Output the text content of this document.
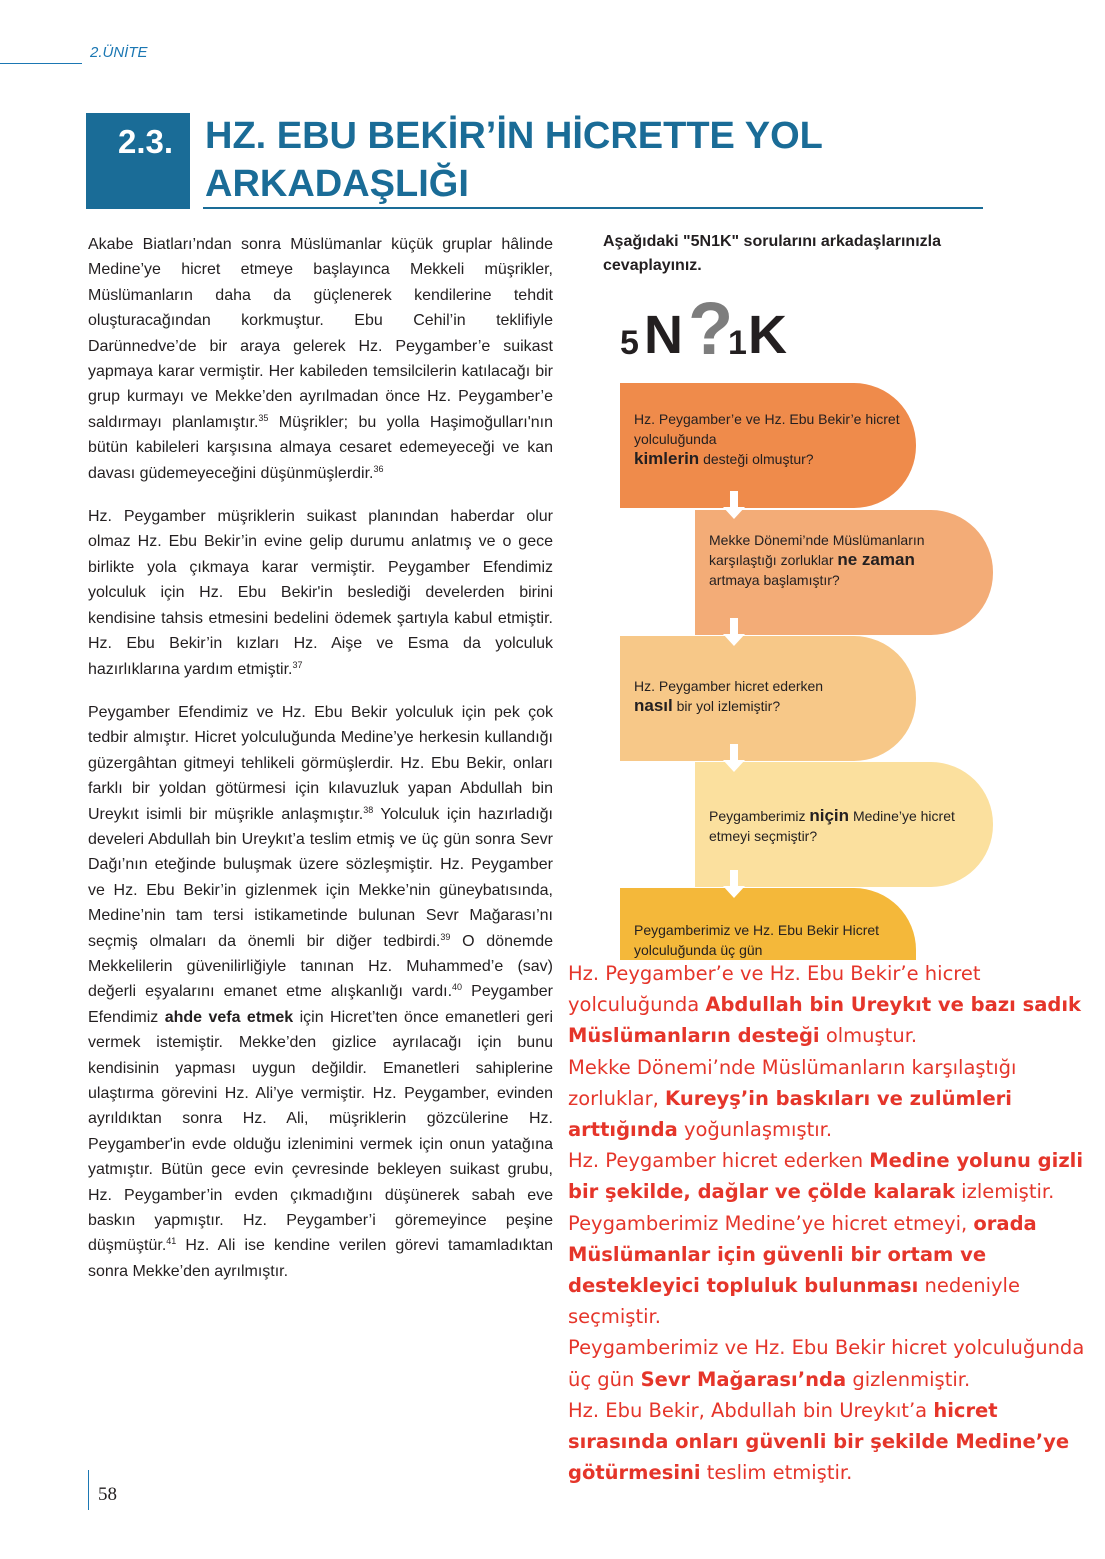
2.ÜNİTE
2.3. HZ. EBU BEKİR’İN HİCRETTE YOL
ARKADAŞLIĞI

Akabe Biatları’ndan sonra Müslümanlar küçük gruplar hâlinde Medine’ye hicret etmeye başlayınca Mekkeli müşrikler, Müslümanların daha da güçlenerek kendilerine tehdit oluşturacağından korkmuştur. Ebu Cehil’in teklifiyle Darünnedve’de bir araya gelerek Hz. Peygamber’e suikast yapmaya karar vermiştir. Her kabileden temsilcilerin katılacağı bir grup kurmayı ve Mekke’den ayrılmadan önce Hz. Peygamber’e saldırmayı planlamıştır.$^{35}$ Müşrikler; bu yolla Haşimoğulları'nın bütün kabileleri karşısına almaya cesaret edemeyeceği ve kan davası güdemeyeceğini düşünmüşlerdir.$^{36}$

Hz. Peygamber müşriklerin suikast planından haberdar olur olmaz Hz. Ebu Bekir’in evine gelip durumu anlatmış ve o gece birlikte yola çıkmaya karar vermiştir. Peygamber Efendimiz yolculuk için Hz. Ebu Bekir'in beslediği develerden birini kendisine tahsis etmesini bedelini ödemek şartıyla kabul etmiştir. Hz. Ebu Bekir’in kızları Hz. Aişe ve Esma da yolculuk hazırlıklarına yardım etmiştir.$^{37}$

Peygamber Efendimiz ve Hz. Ebu Bekir yolculuk için pek çok tedbir almıştır. Hicret yolculuğunda Medine’ye herkesin kullandığı güzergâhtan gitmeyi tehlikeli görmüşlerdir. Hz. Ebu Bekir, onları farklı bir yoldan götürmesi için kılavuzluk yapan Abdullah bin Ureykıt isimli bir müşrikle anlaşmıştır.$^{38}$ Yolculuk için hazırladığı develeri Abdullah bin Ureykıt’a teslim etmiş ve üç gün sonra Sevr Dağı’nın eteğinde buluşmak üzere sözleşmiştir. Hz. Peygamber ve Hz. Ebu Bekir’in gizlenmek için Mekke’nin güneybatısında, Medine’nin tam tersi istikametinde bulunan Sevr Mağarası’nı seçmiş olmaları da önemli bir diğer tedbirdi.$^{39}$ O dönemde Mekkelilerin güvenilirliğiyle tanınan Hz. Muhammed’e (sav) değerli eşyalarını emanet etme alışkanlığı vardı.$^{40}$ Peygamber Efendimiz ahde vefa etmek için Hicret’ten önce emanetleri geri vermek istemiştir. Mekke’den gizlice ayrılacağı için bunu kendisinin yapması uygun değildir. Emanetleri sahiplerine ulaştırma görevini Hz. Ali’ye vermiştir. Hz. Peygamber, evinden ayrıldıktan sonra Hz. Ali, müşriklerin gözcülerine Hz. Peygamber'in evde olduğu izlenimini vermek için onun yatağına yatmıştır. Bütün gece evin çevresinde bekleyen suikast grubu, Hz. Peygamber’in evden çıkmadığını düşünerek sabah eve baskın yapmıştır. Hz. Peygamber’i göremeyince peşine düşmüştür.$^{41}$ Hz. Ali ise kendine verilen görevi tamamladıktan sonra Mekke’den ayrılmıştır.

58
Aşağıdaki "5N1K" sorularını arkadaşlarınızla cevaplayınız.
5 N ?
1 K
Hz. Peygamber’e ve Hz. Ebu Bekir’e hicret yolculuğunda
kimlerin desteği olmuştur?
Mekke Dönemi’nde Müslümanların karşılaştığı zorluklar ne zaman
artmaya başlamıştır?
Hz. Peygamber hicret ederken
nasıl bir yol izlemiştir?
Peygamberimiz niçin Medine’ye hicret etmeyi seçmiştir?
Peygamberimiz ve Hz. Ebu Bekir Hicret yolculuğunda üç gün
Hz. Peygamber’e ve Hz. Ebu Bekir’e hicret yolculuğunda Abdullah bin Ureykıt ve bazı sadık Müslümanların desteği olmuştur.
Mekke Dönemi’nde Müslümanların karşılaştığı zorluklar, Kureyş’in baskıları ve zulümleri arttığında yoğunlaşmıştır.
Hz. Peygamber hicret ederken Medine yolunu gizli bir şekilde, dağlar ve çölde kalarak izlemiştir.
Peygamberimiz Medine’ye hicret etmeyi, orada Müslümanlar için güvenli bir ortam ve destekleyici topluluk bulunması nedeniyle seçmiştir.
Peygamberimiz ve Hz. Ebu Bekir hicret yolculuğunda üç gün Sevr Mağarası’nda gizlenmiştir.
Hz. Ebu Bekir, Abdullah bin Ureykıt’a hicret sırasında onları güvenli bir şekilde Medine’ye götürmesini teslim etmiştir.
